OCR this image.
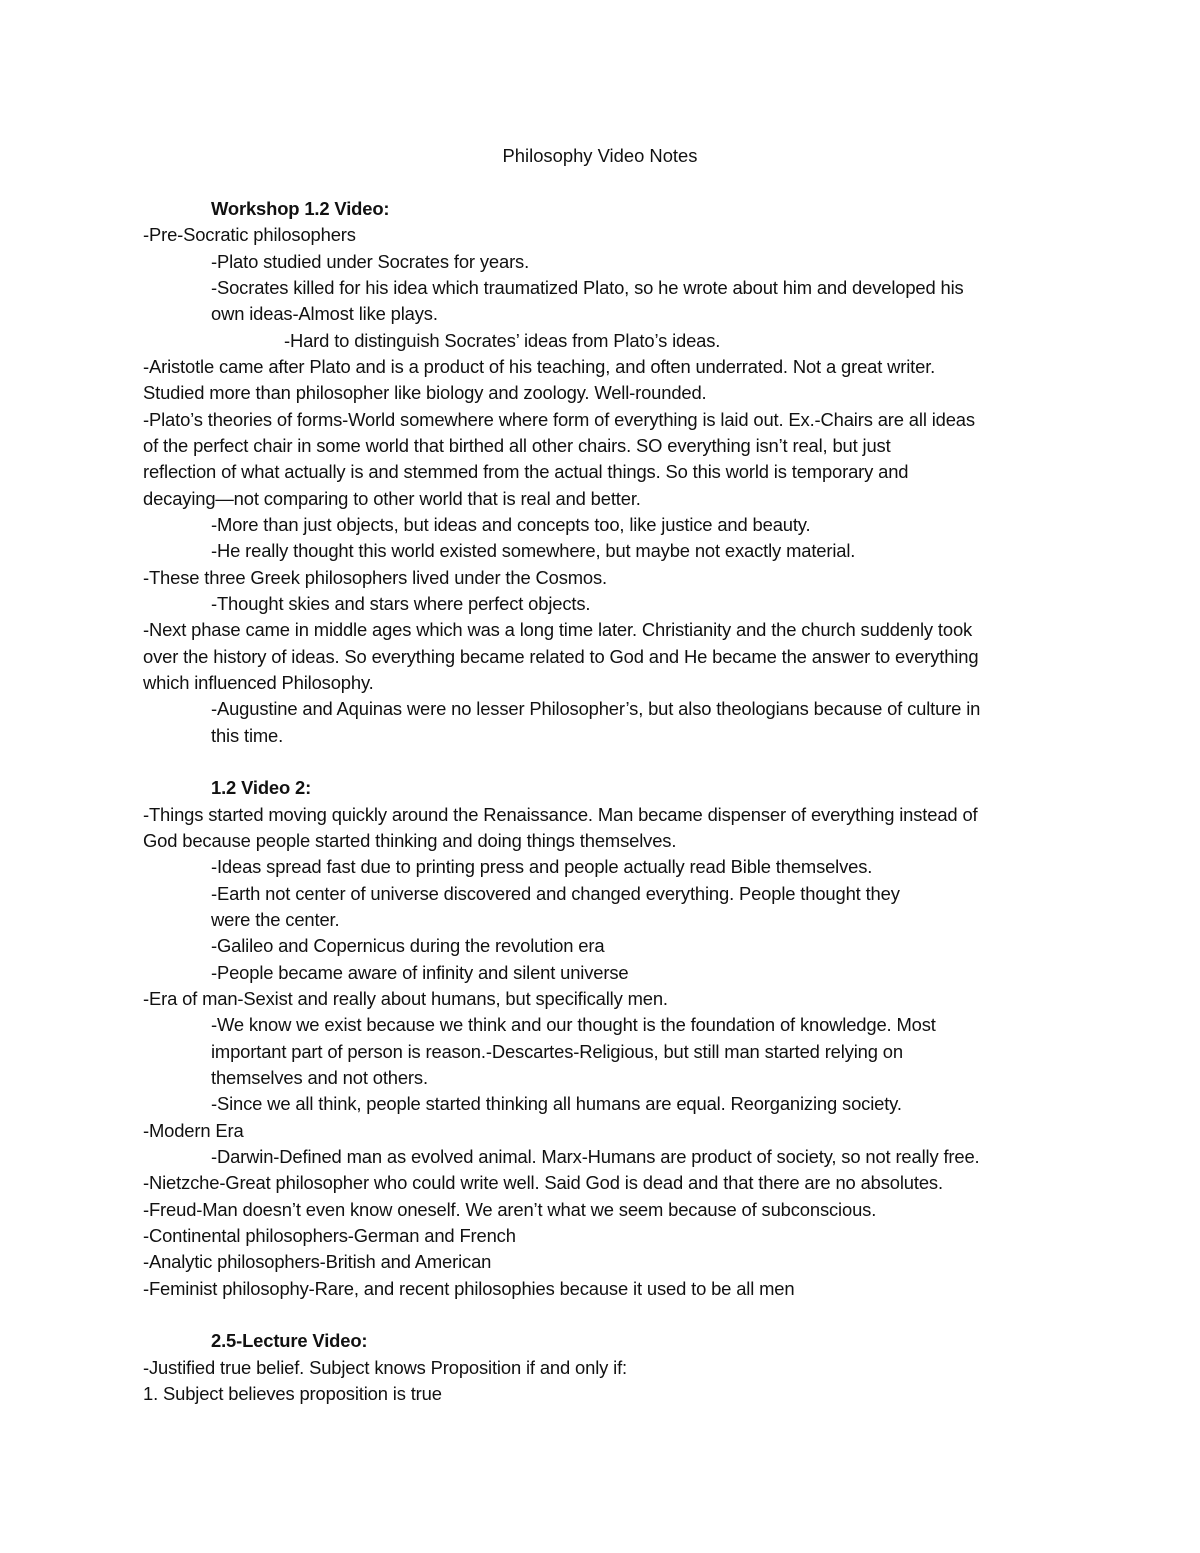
Philosophy Video Notes
Workshop 1.2 Video:
-Pre-Socratic philosophers
-Plato studied under Socrates for years.
-Socrates killed for his idea which traumatized Plato, so he wrote about him and developed his
own ideas-Almost like plays.
-Hard to distinguish Socrates’ ideas from Plato’s ideas.
-Aristotle came after Plato and is a product of his teaching, and often underrated. Not a great writer.
Studied more than philosopher like biology and zoology. Well-rounded.
-Plato’s theories of forms-World somewhere where form of everything is laid out. Ex.-Chairs are all ideas
of the perfect chair in some world that birthed all other chairs. SO everything isn’t real, but just
reflection of what actually is and stemmed from the actual things. So this world is temporary and
decaying—not comparing to other world that is real and better.
-More than just objects, but ideas and concepts too, like justice and beauty.
-He really thought this world existed somewhere, but maybe not exactly material.
-These three Greek philosophers lived under the Cosmos.
-Thought skies and stars where perfect objects.
-Next phase came in middle ages which was a long time later. Christianity and the church suddenly took
over the history of ideas. So everything became related to God and He became the answer to everything
which influenced Philosophy.
-Augustine and Aquinas were no lesser Philosopher’s, but also theologians because of culture in
this time.
1.2 Video 2:
-Things started moving quickly around the Renaissance. Man became dispenser of everything instead of
God because people started thinking and doing things themselves.
-Ideas spread fast due to printing press and people actually read Bible themselves.
-Earth not center of universe discovered and changed everything. People thought they
were the center.
-Galileo and Copernicus during the revolution era
-People became aware of infinity and silent universe
-Era of man-Sexist and really about humans, but specifically men.
-We know we exist because we think and our thought is the foundation of knowledge. Most
important part of person is reason.-Descartes-Religious, but still man started relying on
themselves and not others.
-Since we all think, people started thinking all humans are equal. Reorganizing society.
-Modern Era
-Darwin-Defined man as evolved animal. Marx-Humans are product of society, so not really free.
-Nietzche-Great philosopher who could write well. Said God is dead and that there are no absolutes.
-Freud-Man doesn’t even know oneself. We aren’t what we seem because of subconscious.
-Continental philosophers-German and French
-Analytic philosophers-British and American
-Feminist philosophy-Rare, and recent philosophies because it used to be all men
2.5-Lecture Video:
-Justified true belief. Subject knows Proposition if and only if:
1. Subject believes proposition is true
